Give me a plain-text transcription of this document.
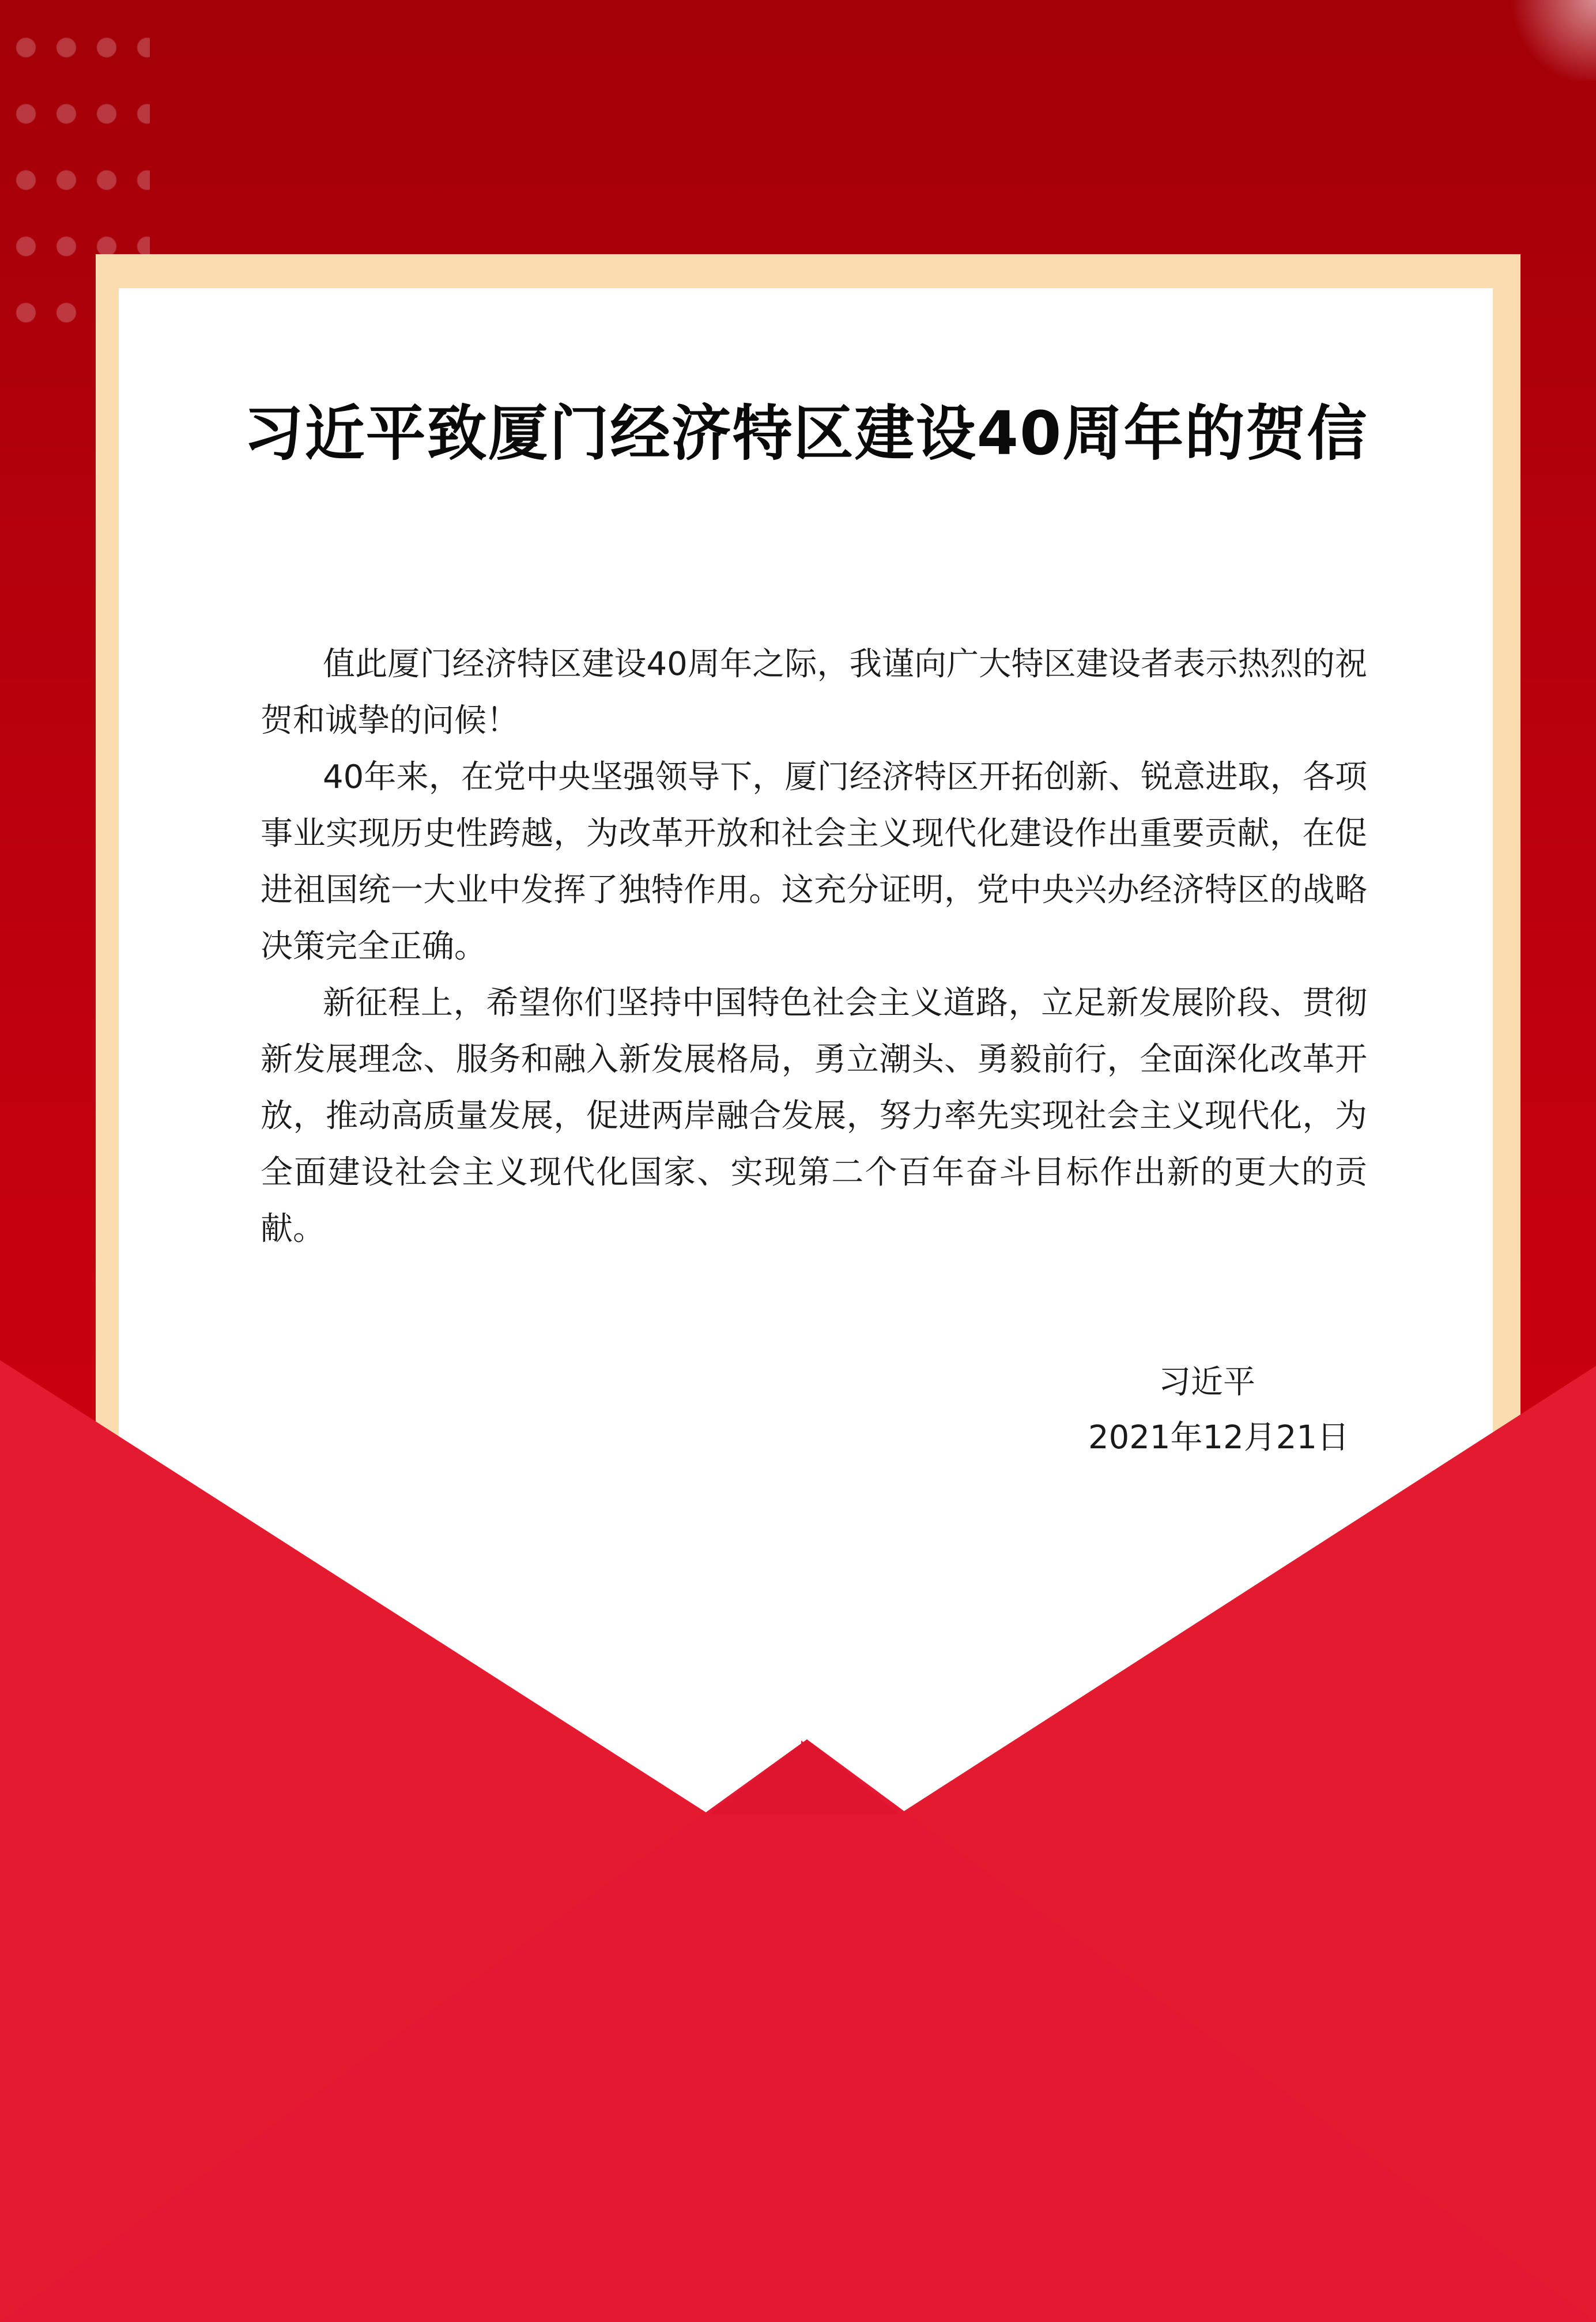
习近平致厦门经济特区建设40周年的贺信

值此厦门经济特区建设40周年之际，我谨向广大特区建设者表示热烈的祝贺和诚挚的问候！

40年来，在党中央坚强领导下，厦门经济特区开拓创新、锐意进取，各项事业实现历史性跨越，为改革开放和社会主义现代化建设作出重要贡献，在促进祖国统一大业中发挥了独特作用。这充分证明，党中央兴办经济特区的战略决策完全正确。

新征程上，希望你们坚持中国特色社会主义道路，立足新发展阶段、贯彻新发展理念、服务和融入新发展格局，勇立潮头、勇毅前行，全面深化改革开放，推动高质量发展，促进两岸融合发展，努力率先实现社会主义现代化，为全面建设社会主义现代化国家、实现第二个百年奋斗目标作出新的更大的贡献。

习近平
2021年12月21日
